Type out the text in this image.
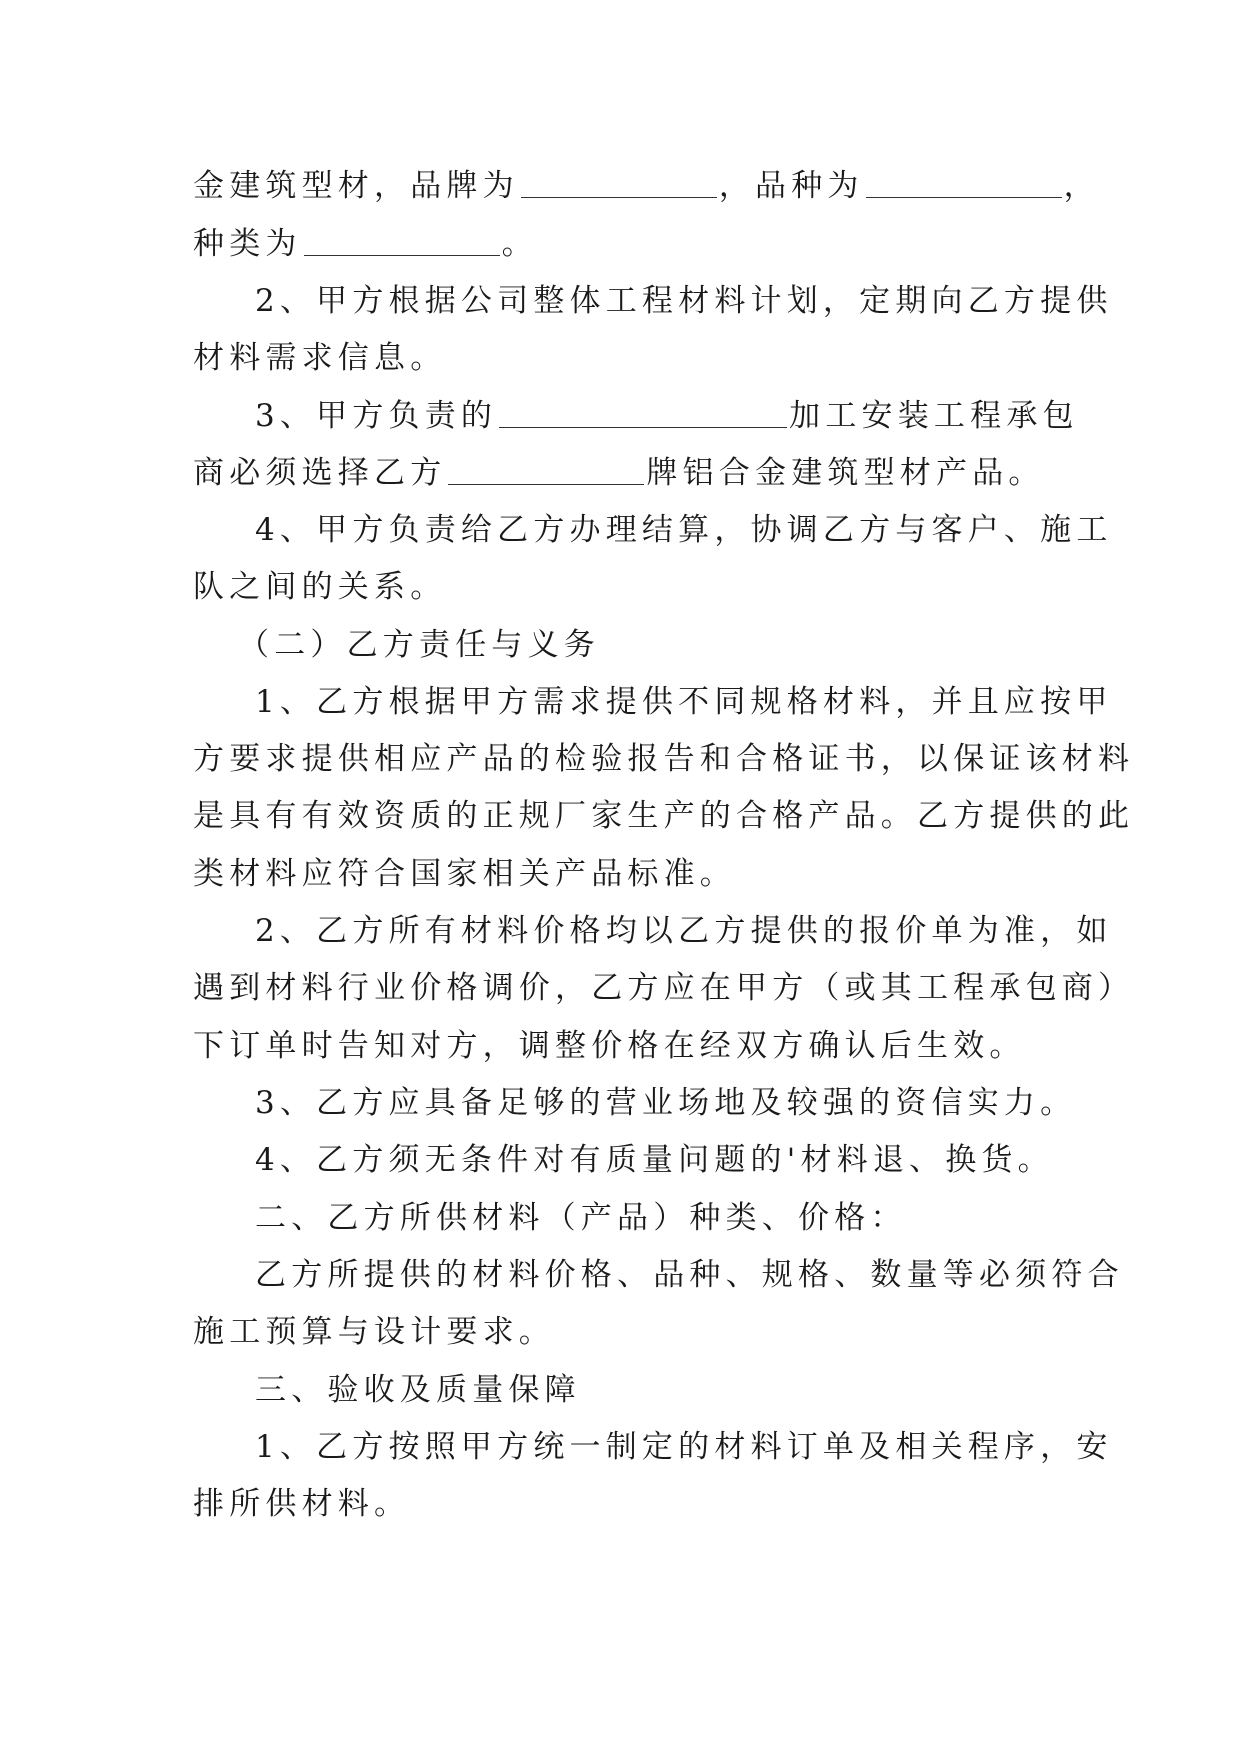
金建筑型材，品牌为	，品种为	，
种类为	。
2、甲方根据公司整体工程材料计划，定期向乙方提供
材料需求信息。
3、甲方负责的	加工安装工程承包
商必须选择乙方	牌铝合金建筑型材产品。
4、甲方负责给乙方办理结算，协调乙方与客户、施工
队之间的关系。
（二）乙方责任与义务
1、乙方根据甲方需求提供不同规格材料，并且应按甲
方要求提供相应产品的检验报告和合格证书，以保证该材料
是具有有效资质的正规厂家生产的合格产品。乙方提供的此
类材料应符合国家相关产品标准。
2、乙方所有材料价格均以乙方提供的报价单为准，如
遇到材料行业价格调价，乙方应在甲方（或其工程承包商）
下订单时告知对方，调整价格在经双方确认后生效。
3、乙方应具备足够的营业场地及较强的资信实力。
4、乙方须无条件对有质量问题的'材料退、换货。
二、乙方所供材料（产品）种类、价格：
乙方所提供的材料价格、品种、规格、数量等必须符合
施工预算与设计要求。
三、验收及质量保障
1、乙方按照甲方统一制定的材料订单及相关程序，安
排所供材料。
